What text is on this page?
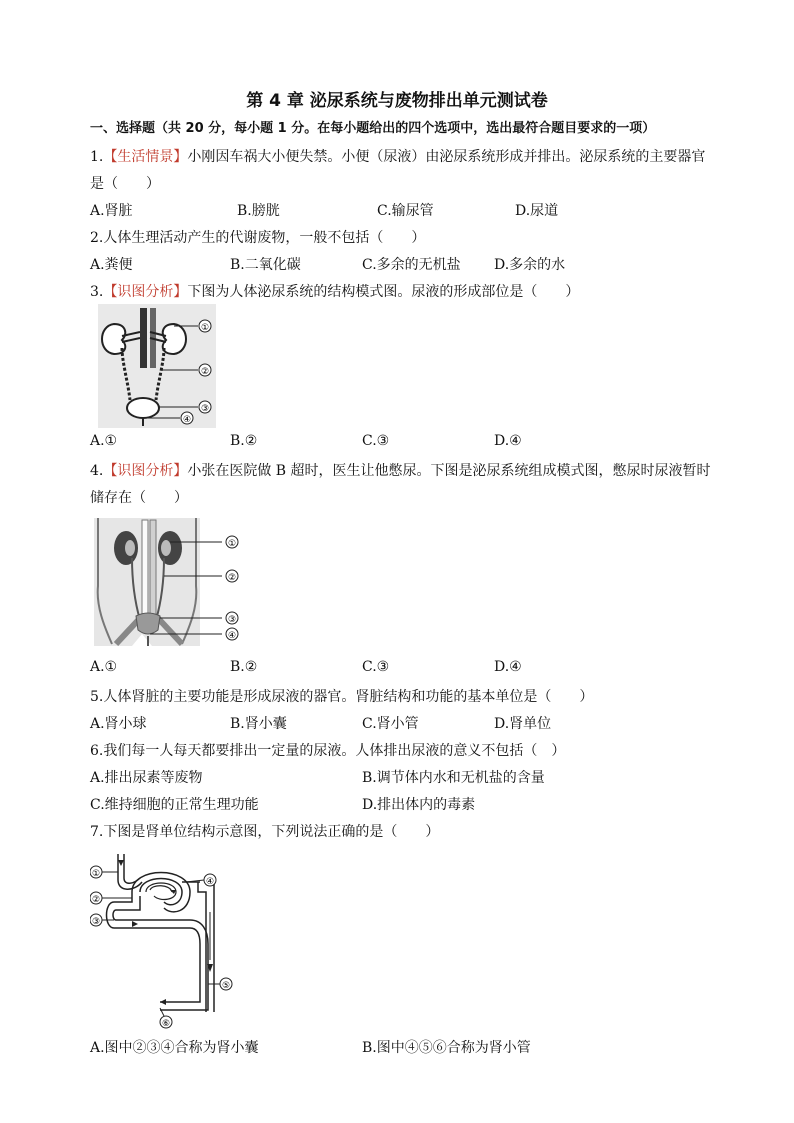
第 4 章 泌尿系统与废物排出单元测试卷
一、选择题（共 20 分，每小题 1 分。在每小题给出的四个选项中，选出最符合题目要求的一项）
1.【生活情景】小刚因车祸大小便失禁。小便（尿液）由泌尿系统形成并排出。泌尿系统的主要器官
是（　　）
A.肾脏	B.膀胱	C.输尿管	D.尿道
2.人体生理活动产生的代谢废物，一般不包括（　　）
A.粪便	B.二氧化碳	C.多余的无机盐 D.多余的水
3.【识图分析】下图为人体泌尿系统的结构模式图。尿液的形成部位是（　　）
①
②
③
④
A.①	B.②	C.③	D.④
4.【识图分析】小张在医院做 B 超时，医生让他憋尿。下图是泌尿系统组成模式图，憋尿时尿液暂时
储存在（　　）
①
②
③
④
A.①	B.②	C.③	D.④
5.人体肾脏的主要功能是形成尿液的器官。肾脏结构和功能的基本单位是（　　）
A.肾小球	B.肾小囊	C.肾小管	D.肾单位
6.我们每一人每天都要排出一定量的尿液。人体排出尿液的意义不包括（　）
A.排出尿素等废物	B.调节体内水和无机盐的含量
C.维持细胞的正常生理功能	D.排出体内的毒素
7.下图是肾单位结构示意图，下列说法正确的是（　　）
①
②
③
④
⑤
⑥
A.图中②③④合称为肾小囊	B.图中④⑤⑥合称为肾小管
